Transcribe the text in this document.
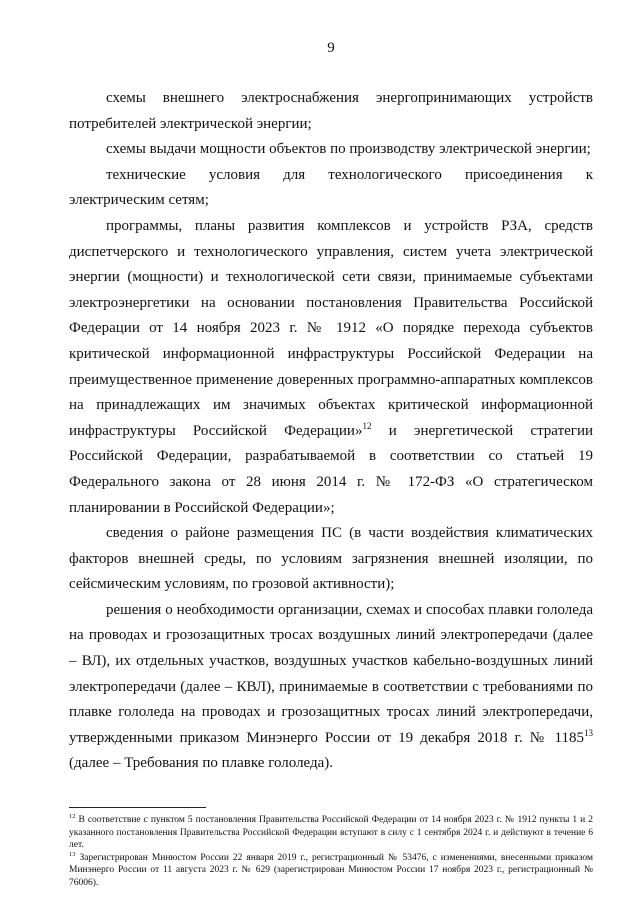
9

схемы внешнего электроснабжения энергопринимающих устройств потребителей электрической энергии;

схемы выдачи мощности объектов по производству электрической энергии;

технические условия для технологического присоединения к электрическим сетям;

программы, планы развития комплексов и устройств РЗА, средств диспетчерского и технологического управления, систем учета электрической энергии (мощности) и технологической сети связи, принимаемые субъектами электроэнергетики на основании постановления Правительства Российской Федерации от 14 ноября 2023 г. № 1912 «О порядке перехода субъектов критической информационной инфраструктуры Российской Федерации на преимущественное применение доверенных программно-аппаратных комплексов на принадлежащих им значимых объектах критической информационной инфраструктуры Российской Федерации»$^{12}$ и энергетической стратегии Российской Федерации, разрабатываемой в соответствии со статьей 19 Федерального закона от 28 июня 2014 г. № 172-ФЗ «О стратегическом планировании в Российской Федерации»;

сведения о районе размещения ПС (в части воздействия климатических факторов внешней среды, по условиям загрязнения внешней изоляции, по сейсмическим условиям, по грозовой активности);

решения о необходимости организации, схемах и способах плавки гололеда на проводах и грозозащитных тросах воздушных линий электропередачи (далее – ВЛ), их отдельных участков, воздушных участков кабельно-воздушных линий электропередачи (далее – КВЛ), принимаемые в соответствии с требованиями по плавке гололеда на проводах и грозозащитных тросах линий электропередачи, утвержденными приказом Минэнерго России от 19 декабря 2018 г. № 1185$^{13}$ (далее – Требования по плавке гололеда).

$^{12}$ В соответствие с пунктом 5 постановления Правительства Российской Федерации от 14 ноября 2023 г. № 1912 пункты 1 и 2 указанного постановления Правительства Российской Федерации вступают в силу с 1 сентября 2024 г. и действуют в течение 6 лет.

$^{13}$ Зарегистрирован Минюстом России 22 января 2019 г., регистрационный № 53476, с изменениями, внесенными приказом Минэнерго России от 11 августа 2023 г. № 629 (зарегистрирован Минюстом России 17 ноября 2023 г., регистрационный № 76006).
